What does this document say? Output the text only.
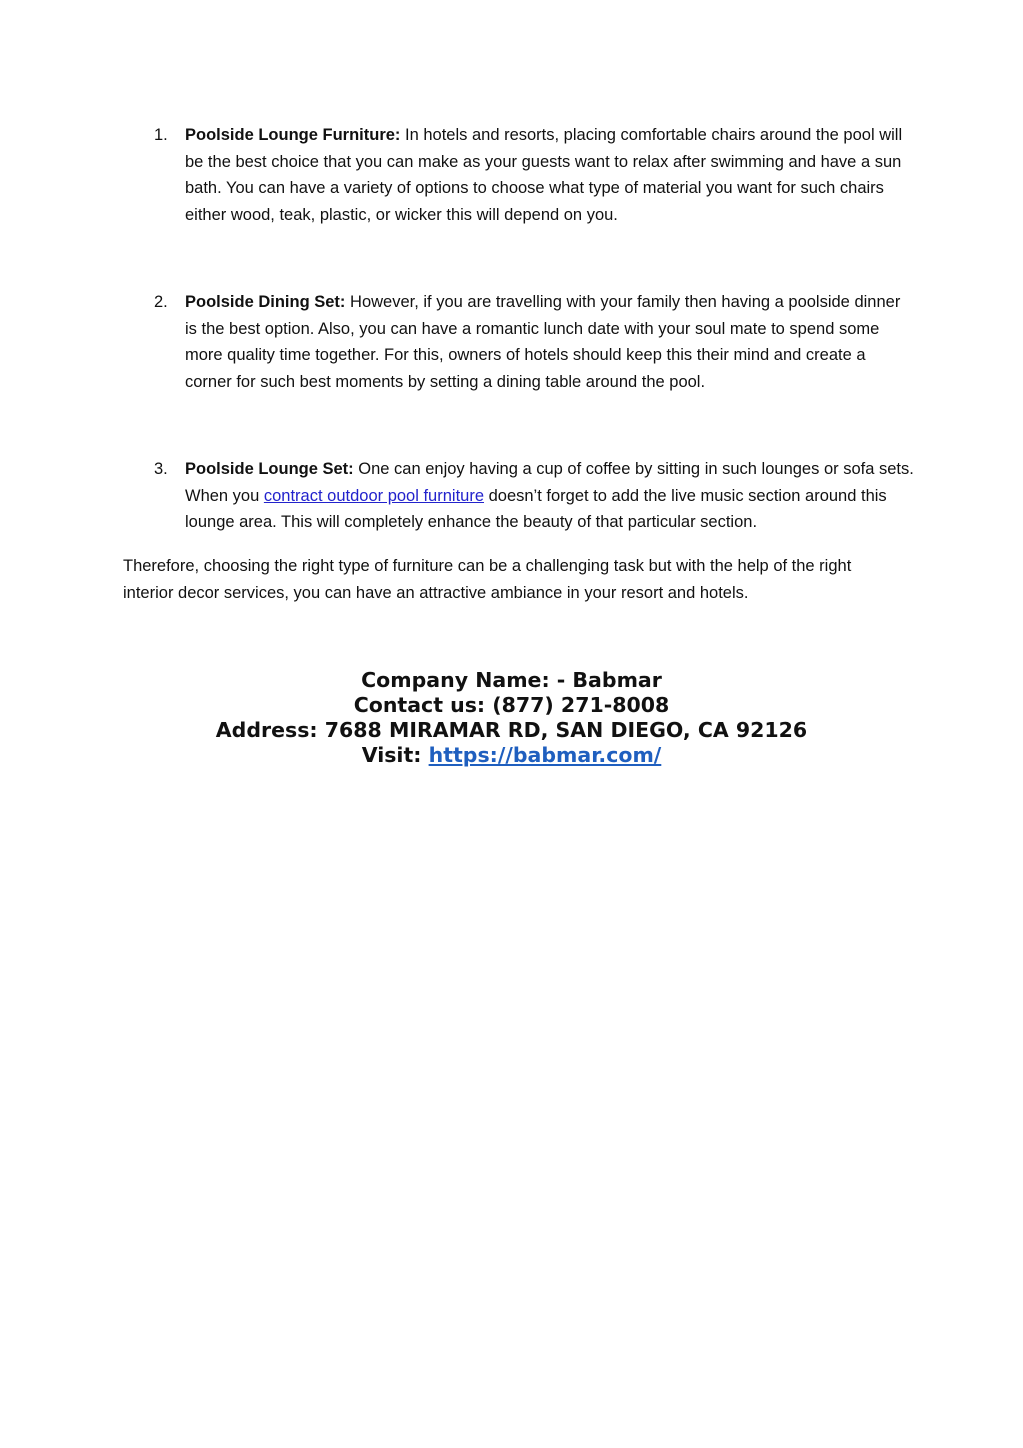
1.	Poolside Lounge Furniture: In hotels and resorts, placing comfortable chairs around the pool will be the best choice that you can make as your guests want to relax after swimming and have a sun bath. You can have a variety of options to choose what type of material you want for such chairs either wood, teak, plastic, or wicker this will depend on you.
2.	Poolside Dining Set: However, if you are travelling with your family then having a poolside dinner is the best option. Also, you can have a romantic lunch date with your soul mate to spend some more quality time together. For this, owners of hotels should keep this their mind and create a corner for such best moments by setting a dining table around the pool.
3.	Poolside Lounge Set: One can enjoy having a cup of coffee by sitting in such lounges or sofa sets. When you contract outdoor pool furniture doesn’t forget to add the live music section around this lounge area. This will completely enhance the beauty of that particular section.

Therefore, choosing the right type of furniture can be a challenging task but with the help of the right interior decor services, you can have an attractive ambiance in your resort and hotels.

Company Name: - Babmar
Contact us: (877) 271-8008
Address: 7688 MIRAMAR RD, SAN DIEGO, CA 92126
Visit: https://babmar.com/
